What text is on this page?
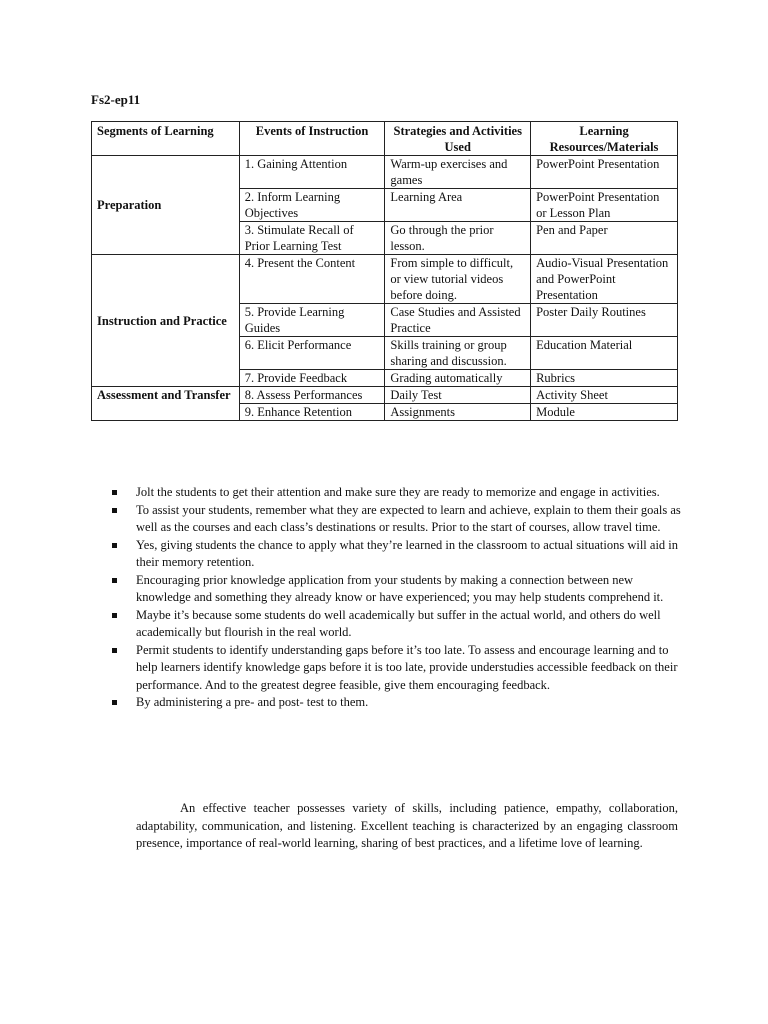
Fs2-ep11
Segments of Learning	Events of Instruction	Strategies and Activities Used	Learning Resources/Materials
Preparation	1. Gaining Attention	Warm-up exercises and games	PowerPoint Presentation
	2. Inform Learning Objectives	Learning Area	PowerPoint Presentation or Lesson Plan
	3. Stimulate Recall of Prior Learning Test	Go through the prior lesson.	Pen and Paper
Instruction and Practice	4. Present the Content	From simple to difficult, or view tutorial videos before doing.	Audio-Visual Presentation and PowerPoint Presentation
	5. Provide Learning Guides	Case Studies and Assisted Practice	Poster Daily Routines
	6. Elicit Performance	Skills training or group sharing and discussion.	Education Material
	7. Provide Feedback	Grading automatically	Rubrics
Assessment and Transfer	8. Assess Performances	Daily Test	Activity Sheet
	9. Enhance Retention	Assignments	Module
Jolt the students to get their attention and make sure they are ready to memorize and engage in activities.
To assist your students, remember what they are expected to learn and achieve, explain to them their goals as well as the courses and each class’s destinations or results. Prior to the start of courses, allow travel time.
Yes, giving students the chance to apply what they’re learned in the classroom to actual situations will aid in their memory retention.
Encouraging prior knowledge application from your students by making a connection between new knowledge and something they already know or have experienced; you may help students comprehend it.
Maybe it’s because some students do well academically but suffer in the actual world, and others do well academically but flourish in the real world.
Permit students to identify understanding gaps before it’s too late. To assess and encourage learning and to help learners identify knowledge gaps before it is too late, provide understudies accessible feedback on their performance. And to the greatest degree feasible, give them encouraging feedback.
By administering a pre- and post- test to them.

An effective teacher possesses variety of skills, including patience, empathy, collaboration, adaptability, communication, and listening. Excellent teaching is characterized by an engaging classroom presence, importance of real-world learning, sharing of best practices, and a lifetime love of learning.
